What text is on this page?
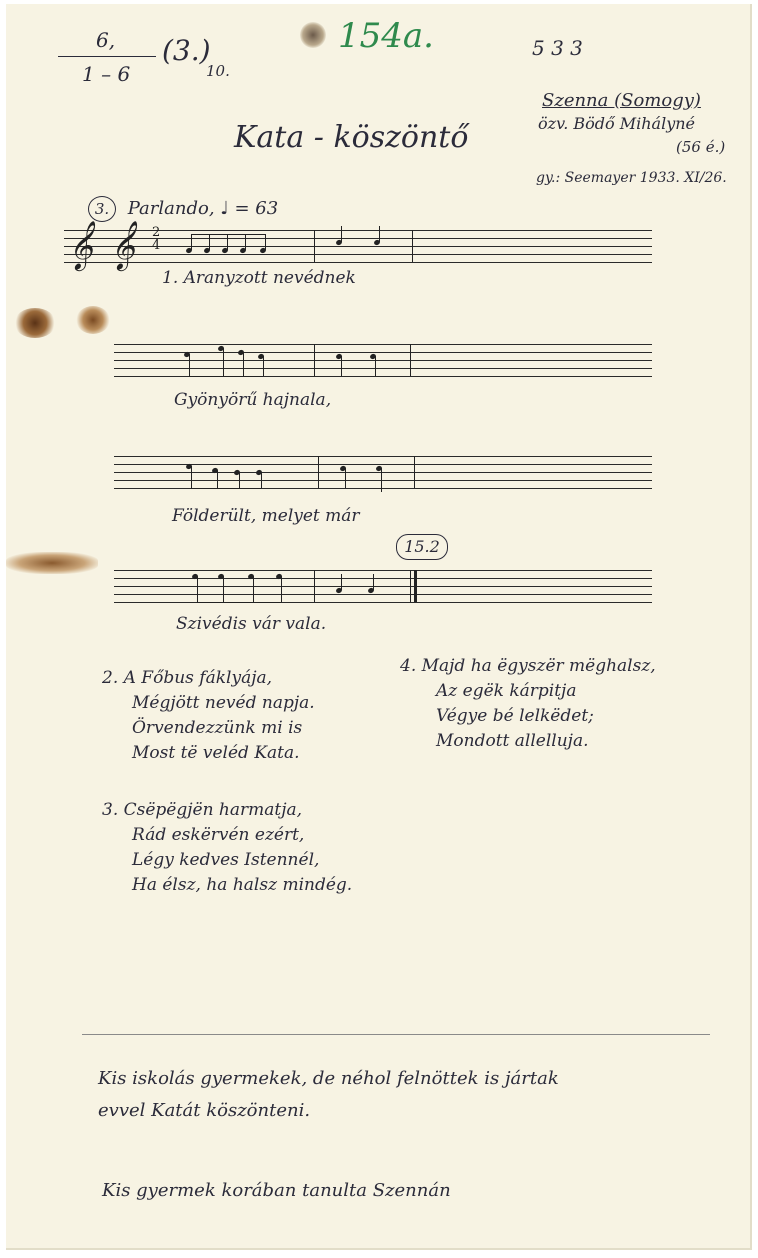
6,
1 – 6
(3.)
10.
154a.	5 3 3
Szenna (Somogy)
özv. Bödő Mihályné
(56 é.)
gy.: Seemayer 1933. XI/26.
Kata - köszöntő
3. Parlando, ♩ = 63
𝄞 𝄞 2
4
1. Aranyzott nevédnek
Gyönyörű hajnala,
Földerült, melyet már
15.2
Szivédis vár vala.
2. A Főbus fáklyája,
Mégjött nevéd napja.
Örvendezzünk mi is
Most të veléd Kata.
3. Csëpëgjën harmatja,
Rád eskërvén ezért,
Légy kedves Istennél,
Ha élsz, ha halsz mindég.
4. Majd ha ëgyszër mëghalsz,
Az egëk kárpitja
Végye bé lelkëdet;
Mondott allelluja.
Kis iskolás gyermekek, de néhol felnöttek is jártak
evvel Katát köszönteni.
Kis gyermek korában tanulta Szennán
